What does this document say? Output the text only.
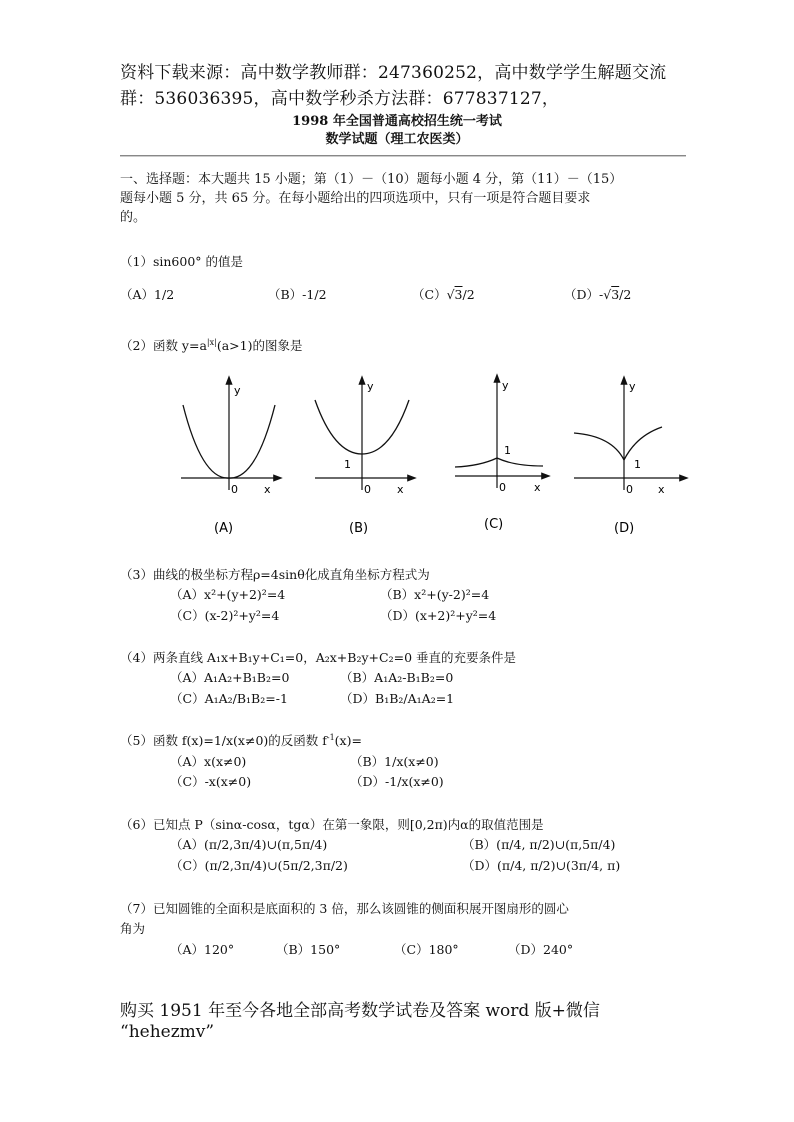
资料下载来源：高中数学教师群：247360252，高中数学学生解题交流
群：536036395，高中数学秒杀方法群：677837127，
1998 年全国普通高校招生统一考试
数学试题（理工农医类）
一、选择题：本大题共 15 小题；第（1）－（10）题每小题 4 分，第（11）－（15）
题每小题 5 分，共 65 分。在每小题给出的四项选项中，只有一项是符合题目要求
的。
（1）sin600° 的值是
（A）1/2	（B）-1/2	（C）√3/2	（D）-√3/2
（2）函数 $y=a^{|x|}(a>1)$的图象是
y
0 x
(A)
y
1
0 x
(B)
y
1
0	x
(C)
y
1
0 x
(D)
（3）曲线的极坐标方程ρ=4sinθ化成直角坐标方程式为
（A）x²+(y+2)²=4	（B）x²+(y-2)²=4
（C）(x-2)²+y²=4	（D）(x+2)²+y²=4
（4）两条直线 A₁x+B₁y+C₁=0，A₂x+B₂y+C₂=0 垂直的充要条件是
（A）A₁A₂+B₁B₂=0	（B）A₁A₂-B₁B₂=0
（C）A₁A₂/B₁B₂=-1	（D）B₁B₂/A₁A₂=1
（5）函数 f(x)=1/x(x≠0)的反函数 $f^{-1}(x)=$
（A）x(x≠0)	（B）1/x(x≠0)
（C）-x(x≠0)	（D）-1/x(x≠0)
（6）已知点 P（sinα-cosα，tgα）在第一象限，则[0,2π)内α的取值范围是
（A）(π/2,3π/4)∪(π,5π/4)	（B）(π/4, π/2)∪(π,5π/4)
（C）(π/2,3π/4)∪(5π/2,3π/2)	（D）(π/4, π/2)∪(3π/4, π)
（7）已知圆锥的全面积是底面积的 3 倍，那么该圆锥的侧面积展开图扇形的圆心
角为
（A）120°	（B）150°	（C）180°	（D）240°
购买 1951 年至今各地全部高考数学试卷及答案 word 版+微信
“hehezmv”
